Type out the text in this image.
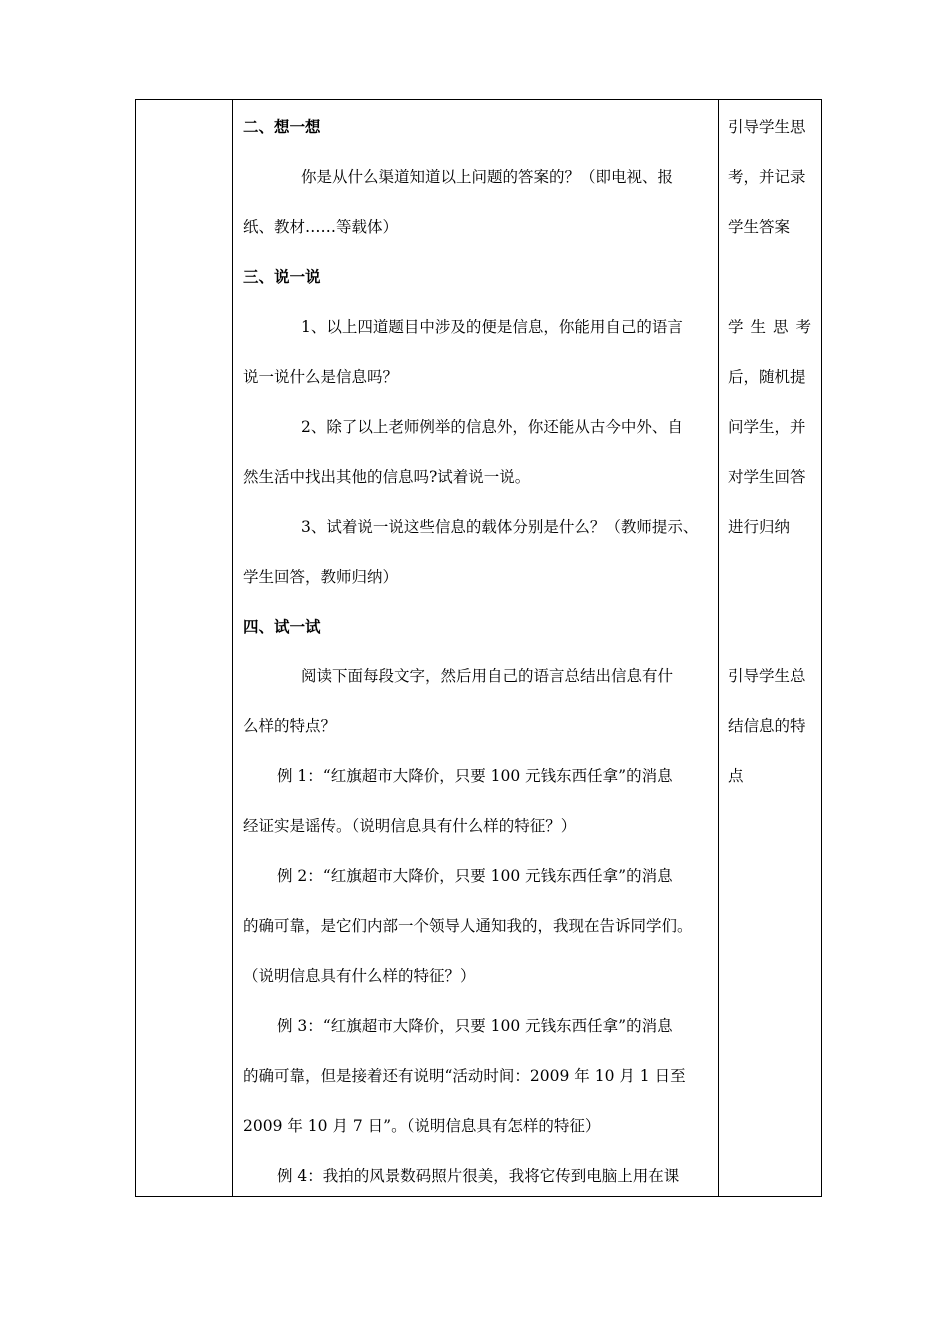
二、想一想
你是从什么渠道知道以上问题的答案的？（即电视、报
纸、教材……等载体）
三、说一说
1、以上四道题目中涉及的便是信息，你能用自己的语言
说一说什么是信息吗？
2、除了以上老师例举的信息外，你还能从古今中外、自
然生活中找出其他的信息吗?试着说一说。
3、试着说一说这些信息的载体分别是什么？（教师提示、
学生回答，教师归纳）
四、试一试
阅读下面每段文字，然后用自己的语言总结出信息有什
么样的特点？
例 1：“红旗超市大降价，只要 100 元钱东西任拿”的消息
经证实是谣传。（说明信息具有什么样的特征？）
例 2：“红旗超市大降价，只要 100 元钱东西任拿”的消息
的确可靠，是它们内部一个领导人通知我的，我现在告诉同学们。
（说明信息具有什么样的特征？）
例 3：“红旗超市大降价，只要 100 元钱东西任拿”的消息
的确可靠，但是接着还有说明“活动时间：2009 年 10 月 1 日至
2009 年 10 月 7 日”。（说明信息具有怎样的特征）
例 4：我拍的风景数码照片很美，我将它传到电脑上用在课
引导学生思
考，并记录
学生答案
学生思考
后，随机提
问学生，并
对学生回答
进行归纳
引导学生总
结信息的特
点
